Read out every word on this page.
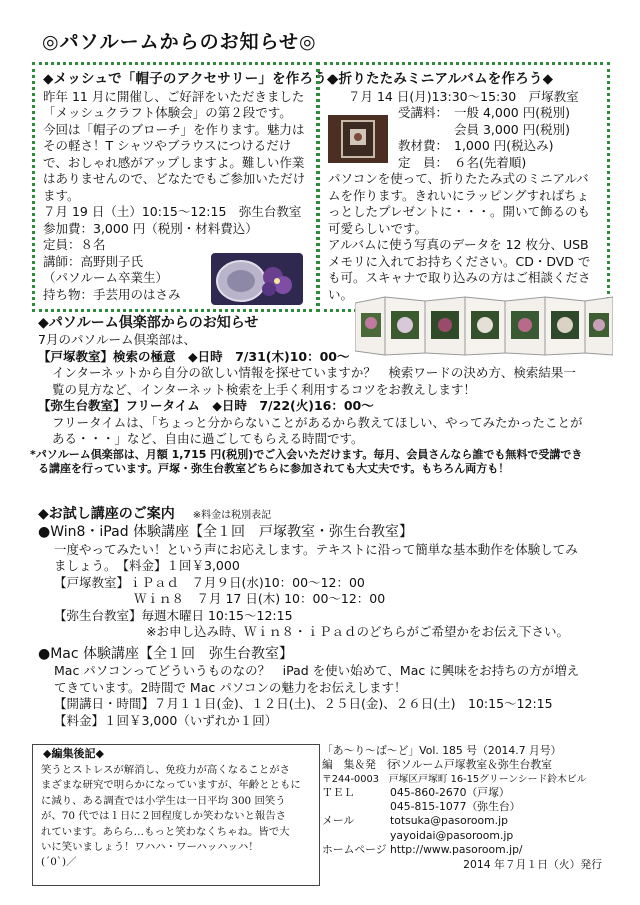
◎パソルームからのお知らせ◎
◆メッシュで「帽子のアクセサリー」を作ろう◆
昨年 11 月に開催し、ご好評をいただきました
「メッシュクラフト体験会」の第２段です。
今回は「帽子のブローチ」を作ります。魅力は
その軽さ！T シャツやブラウスにつけるだけ
で、おしゃれ感がアップしますよ。難しい作業
はありませんので、どなたでもご参加いただけ
ます。
７月 19 日（土）10:15～12:15　弥生台教室
参加費：3,000 円（税別・材料費込）
定員：８名
講師：高野則子氏
（パソルーム卒業生）
持ち物：手芸用のはさみ
◆折りたたみミニアルバムを作ろう◆
７月 14 日(月)13:30～15:30　戸塚教室
受講料： 一般 4,000 円(税別)
会員 3,000 円(税別)
教材費： 1,000 円(税込み)
定　員： ６名(先着順)
パソコンを使って、折りたたみ式のミニアルバ
ムを作ります。きれいにラッピングすればちょ
っとしたプレゼントに・・・。開いて飾るのも
可愛らしいです。
アルバムに使う写真のデータを 12 枚分、USB
メモリに入れてお持ちください。CD・DVD で
も可。スキャナで取り込みの方はご相談くださ
い。
◆パソルーム倶楽部からのお知らせ
7月のパソルーム倶楽部は、
【戸塚教室】検索の極意　◆日時　7/31(木)10：00～
インターネットから自分の欲しい情報を探せていますか？　検索ワードの決め方、検索結果一
覧の見方など、インターネット検索を上手く利用するコツをお教えします！
【弥生台教室】フリータイム　◆日時　7/22(火)16：00～
フリータイムは、「ちょっと分からないことがあるから教えてほしい、やってみたかったことが
ある・・・」など、自由に過ごしてもらえる時間です。
*パソルーム倶楽部は、月額 1,715 円(税別)でご入会いただけます。毎月、会員さんなら誰でも無料で受講でき
る講座を行っています。戸塚・弥生台教室どちらに参加されても大丈夫です。もちろん両方も！
◆お試し講座のご案内 ※料金は税別表記
●Win8・iPad 体験講座【全１回　戸塚教室・弥生台教室】
一度やってみたい！という声にお応えします。テキストに沿って簡単な基本動作を体験してみ
ましょう。　【料金】１回￥3,000
【戸塚教室】ｉＰａｄ　７月９日(水)10：00～12：00
Ｗｉｎ８　７月 17 日(木) 10：00～12：00
【弥生台教室】毎週木曜日 10:15～12:15
※お申し込み時、Ｗｉｎ８・ｉＰａｄのどちらがご希望かをお伝え下さい。
●Mac 体験講座【全１回　弥生台教室】
Mac パソコンってどういうものなの？　iPad を使い始めて、Mac に興味をお持ちの方が増え
てきています。2時間で Mac パソコンの魅力をお伝えします！
【開講日・時間】７月１１日(金)、１２日(土)、２５日(金)、２６日(土)　10:15～12:15
【料金】１回￥3,000（いずれか１回）
◆編集後記◆
笑うとストレスが解消し、免疫力が高くなることがさ
まざまな研究で明らかになっていますが、年齢とともに
に減り、ある調査では小学生は一日平均 300 回笑う
が、70 代では１日に２回程度しか笑わないと報告さ
れています。あらら…もっと笑わなくちゃね。皆で大
いに笑いましょう！ワハハ・ワーハッハッハ！
(´0`)／
「あ～り～ば～ど」Vol. 185 号（2014.7 月号）
編　集＆発　行
パソルーム戸塚教室＆弥生台教室
〒244-0003　戸塚区戸塚町 16-15グリーンシード鈴木ビル
ＴＥＬ	045-860-2670（戸塚）
045-815-1077（弥生台）
メール	totsuka@pasoroom.jp
yayoidai@pasoroom.jp
ホームページ http://www.pasoroom.jp/
2014 年７月１日（火）発行
